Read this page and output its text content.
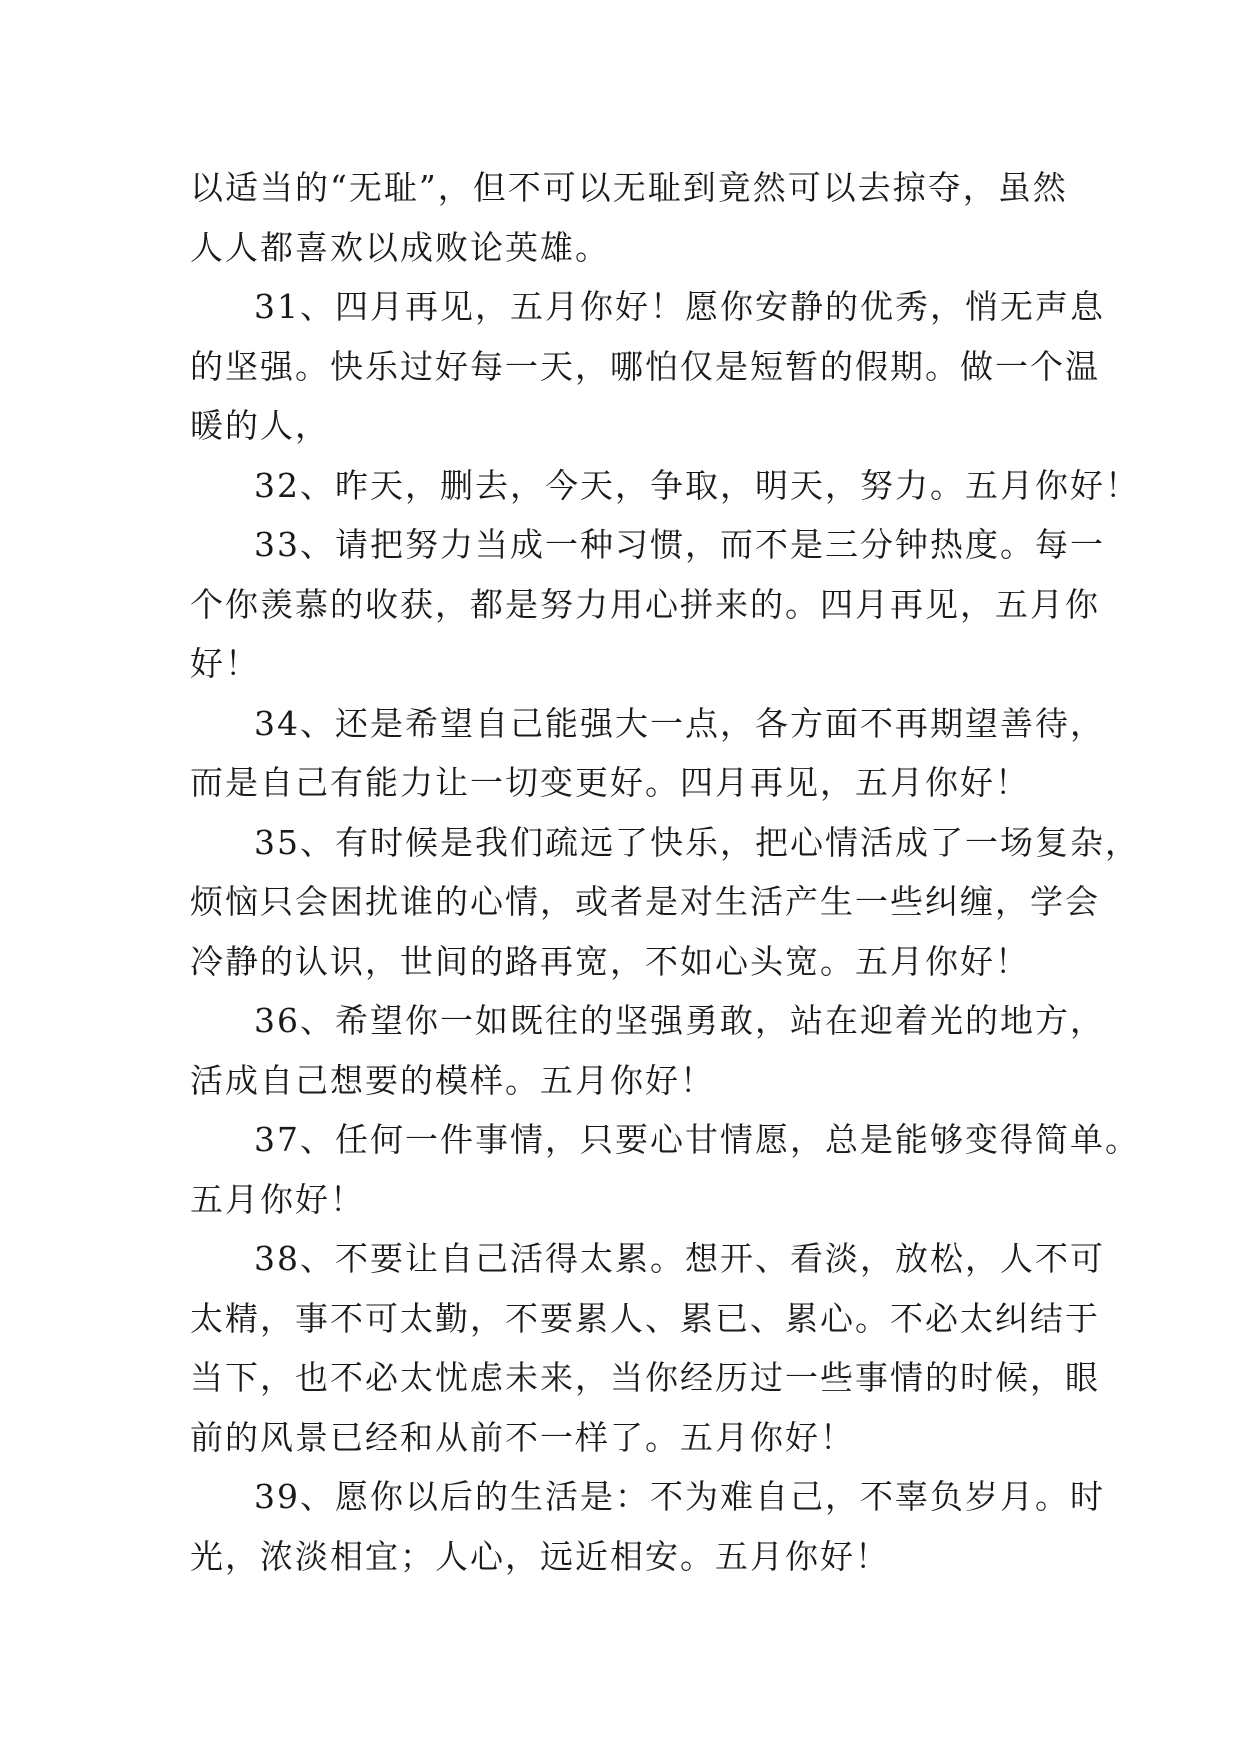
以适当的“无耻”，但不可以无耻到竟然可以去掠夺，虽然
人人都喜欢以成败论英雄。

31、四月再见，五月你好！愿你安静的优秀，悄无声息
的坚强。快乐过好每一天，哪怕仅是短暂的假期。做一个温
暖的人，

32、昨天，删去，今天，争取，明天，努力。五月你好！

33、请把努力当成一种习惯，而不是三分钟热度。每一
个你羡慕的收获，都是努力用心拼来的。四月再见，五月你
好！

34、还是希望自己能强大一点，各方面不再期望善待，
而是自己有能力让一切变更好。四月再见，五月你好！

35、有时候是我们疏远了快乐，把心情活成了一场复杂，
烦恼只会困扰谁的心情，或者是对生活产生一些纠缠，学会
冷静的认识，世间的路再宽，不如心头宽。五月你好！

36、希望你一如既往的坚强勇敢，站在迎着光的地方，
活成自己想要的模样。五月你好！

37、任何一件事情，只要心甘情愿，总是能够变得简单。
五月你好！

38、不要让自己活得太累。想开、看淡，放松，人不可
太精，事不可太勤，不要累人、累已、累心。不必太纠结于
当下，也不必太忧虑未来，当你经历过一些事情的时候，眼
前的风景已经和从前不一样了。五月你好！

39、愿你以后的生活是：不为难自己，不辜负岁月。时
光，浓淡相宜；人心，远近相安。五月你好！
